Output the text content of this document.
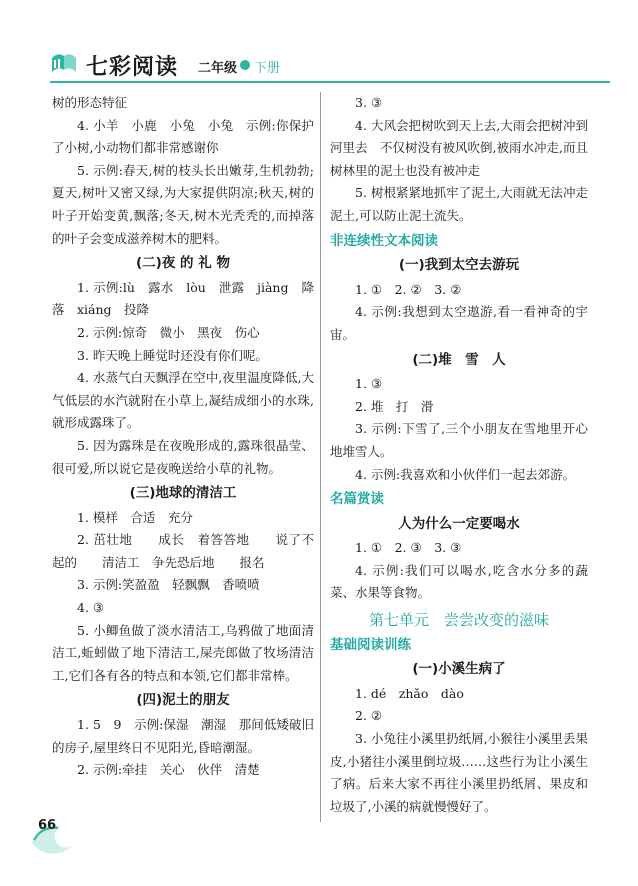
七彩阅读 二年级 下册

树的形态特征

4. 小羊　小鹿　小兔　小兔　示例:你保护了小树,小动物们都非常感谢你

5. 示例:春天,树的枝头长出嫩芽,生机勃勃;夏天,树叶又密又绿,为大家提供阴凉;秋天,树的叶子开始变黄,飘落;冬天,树木光秃秃的,而掉落的叶子会变成滋养树木的肥料。

(二)夜 的 礼 物

1. 示例:lù　露水　lòu　泄露　jiàng　降落　xiáng　投降

2. 示例:惊奇　微小　黑夜　伤心

3. 昨天晚上睡觉时还没有你们呢。

4. 水蒸气白天飘浮在空中,夜里温度降低,大气低层的水汽就附在小草上,凝结成细小的水珠,就形成露珠了。

5. 因为露珠是在夜晚形成的,露珠很晶莹、很可爱,所以说它是夜晚送给小草的礼物。

(三)地球的清洁工

1. 模样　合适　充分

2. 茁壮地　　成长　着答答地　　说了不起的　　清洁工　争先恐后地　　报名

3. 示例:笑盈盈　轻飘飘　香喷喷

4. ③

5. 小鲫鱼做了淡水清洁工,乌鸦做了地面清洁工,蚯蚓做了地下清洁工,屎壳郎做了牧场清洁工,它们各有各的特点和本领,它们都非常棒。

(四)泥土的朋友

1. 5　9　示例:保湿　潮湿　那间低矮破旧的房子,屋里终日不见阳光,昏暗潮湿。

2. 示例:牵挂　关心　伙伴　清楚

3. ③

4. 大风会把树吹到天上去,大雨会把树冲到河里去　不仅树没有被风吹倒,被雨水冲走,而且树林里的泥土也没有被冲走

5. 树根紧紧地抓牢了泥土,大雨就无法冲走泥土,可以防止泥土流失。

非连续性文本阅读

(一)我到太空去游玩

1. ①　2. ②　3. ②

4. 示例:我想到太空遨游,看一看神奇的宇宙。

(二)堆　雪　人

1. ③

2. 堆　打　滑

3. 示例:下雪了,三个小朋友在雪地里开心地堆雪人。

4. 示例:我喜欢和小伙伴们一起去郊游。

名篇赏读

人为什么一定要喝水

1. ①　2. ③　3. ③

4. 示例:我们可以喝水,吃含水分多的蔬菜、水果等食物。

第七单元　尝尝改变的滋味

基础阅读训练

(一)小溪生病了

1. dé　zhǎo　dào

2. ②

3. 小兔往小溪里扔纸屑,小猴往小溪里丢果皮,小猪往小溪里倒垃圾……这些行为让小溪生了病。后来大家不再往小溪里扔纸屑、果皮和垃圾了,小溪的病就慢慢好了。

66
